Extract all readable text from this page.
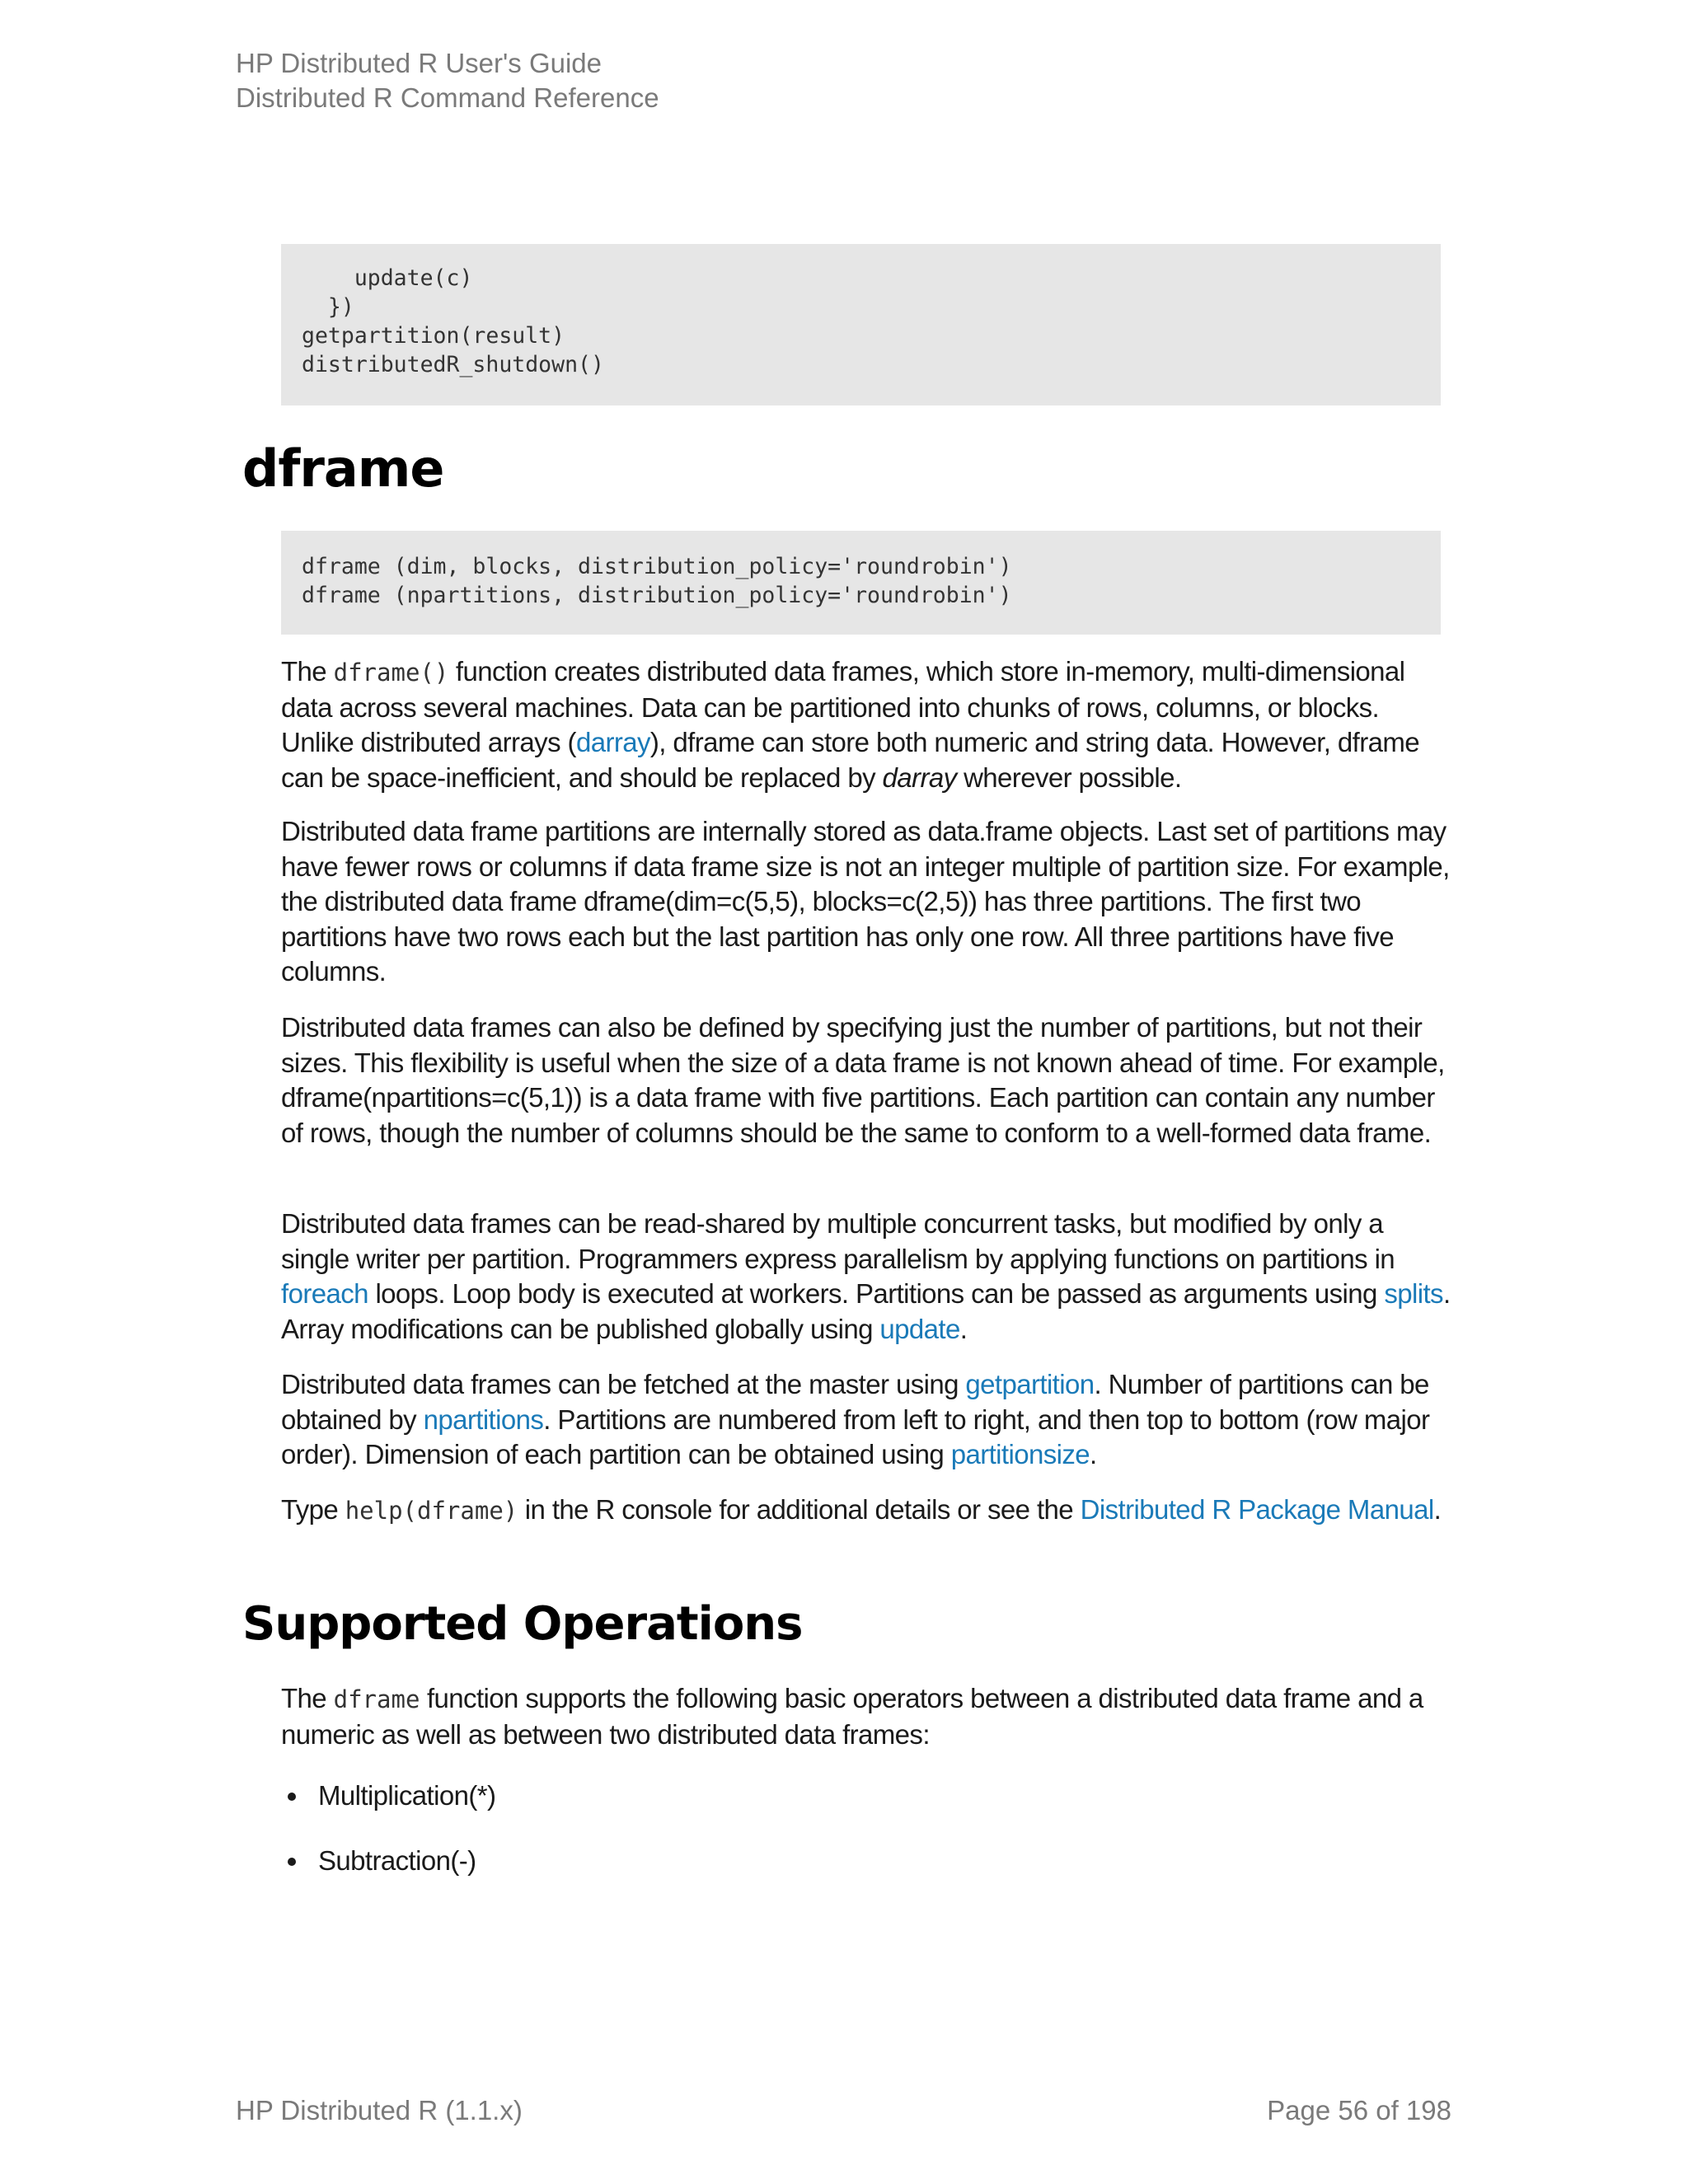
HP Distributed R User's Guide
Distributed R Command Reference
update(c)
})
getpartition(result)
distributedR_shutdown()
dframe
dframe (dim, blocks, distribution_policy='roundrobin')
dframe (npartitions, distribution_policy='roundrobin')

The dframe() function creates distributed data frames, which store in-memory, multi-dimensional data across several machines. Data can be partitioned into chunks of rows, columns, or blocks. Unlike distributed arrays (darray), dframe can store both numeric and string data. However, dframe can be space-inefficient, and should be replaced by darray wherever possible.

Distributed data frame partitions are internally stored as data.frame objects. Last set of partitions may have fewer rows or columns if data frame size is not an integer multiple of partition size. For example, the distributed data frame dframe(dim=c(5,5), blocks=c(2,5)) has three partitions. The first two partitions have two rows each but the last partition has only one row. All three partitions have five columns.

Distributed data frames can also be defined by specifying just the number of partitions, but not their sizes. This flexibility is useful when the size of a data frame is not known ahead of time. For example, dframe(npartitions=c(5,1)) is a data frame with five partitions. Each partition can contain any number of rows, though the number of columns should be the same to conform to a well-formed data frame.

Distributed data frames can be read-shared by multiple concurrent tasks, but modified by only a single writer per partition. Programmers express parallelism by applying functions on partitions in foreach loops. Loop body is executed at workers. Partitions can be passed as arguments using splits. Array modifications can be published globally using update.

Distributed data frames can be fetched at the master using getpartition. Number of partitions can be obtained by npartitions. Partitions are numbered from left to right, and then top to bottom (row major order). Dimension of each partition can be obtained using partitionsize.

Type help(dframe) in the R console for additional details or see the Distributed R Package Manual.

Supported Operations

The dframe function supports the following basic operators between a distributed data frame and a numeric as well as between two distributed data frames:

Multiplication(*)
Subtraction(-)
HP Distributed R (1.1.x)	Page 56 of 198
